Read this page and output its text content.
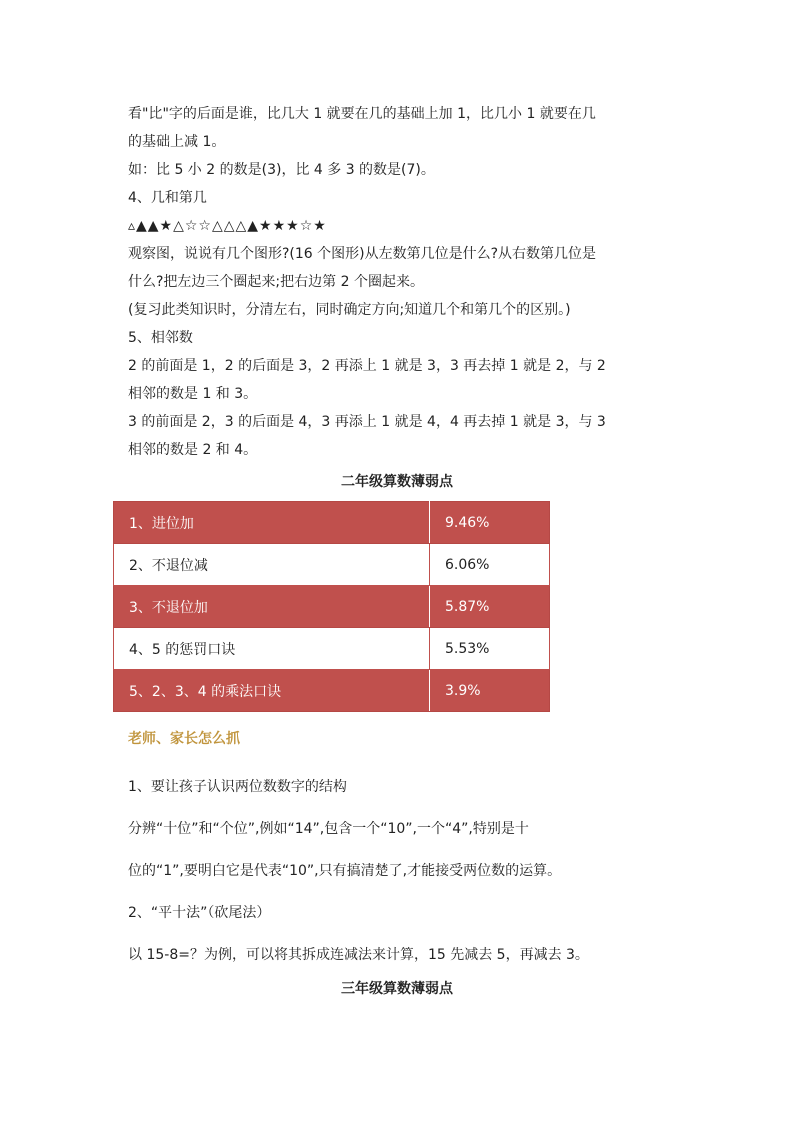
看"比"字的后面是谁，比几大 1 就要在几的基础上加 1，比几小 1 就要在几

的基础上减 1。

如：比 5 小 2 的数是(3)，比 4 多 3 的数是(7)。

4、几和第几

▵▲▲★△☆☆△△△▲★★★☆★

观察图，说说有几个图形?(16 个图形)从左数第几位是什么?从右数第几位是

什么?把左边三个圈起来;把右边第 2 个圈起来。

(复习此类知识时，分清左右，同时确定方向;知道几个和第几个的区别。)

5、相邻数

2 的前面是 1，2 的后面是 3，2 再添上 1 就是 3，3 再去掉 1 就是 2，与 2

相邻的数是 1 和 3。

3 的前面是 2，3 的后面是 4，3 再添上 1 就是 4，4 再去掉 1 就是 3，与 3

相邻的数是 2 和 4。

二年级算数薄弱点

1、进位加	9.46%
2、不退位减	6.06%
3、不退位加	5.87%
4、5 的惩罚口诀	5.53%
5、2、3、4 的乘法口诀	3.9%

老师、家长怎么抓

1、要让孩子认识两位数数字的结构

分辨“十位”和“个位”,例如“14”,包含一个“10”,一个“4”,特别是十

位的“1”,要明白它是代表“10”,只有搞清楚了,才能接受两位数的运算。

2、“平十法”（砍尾法）

以 15-8=？为例，可以将其拆成连减法来计算，15 先减去 5，再减去 3。

三年级算数薄弱点
